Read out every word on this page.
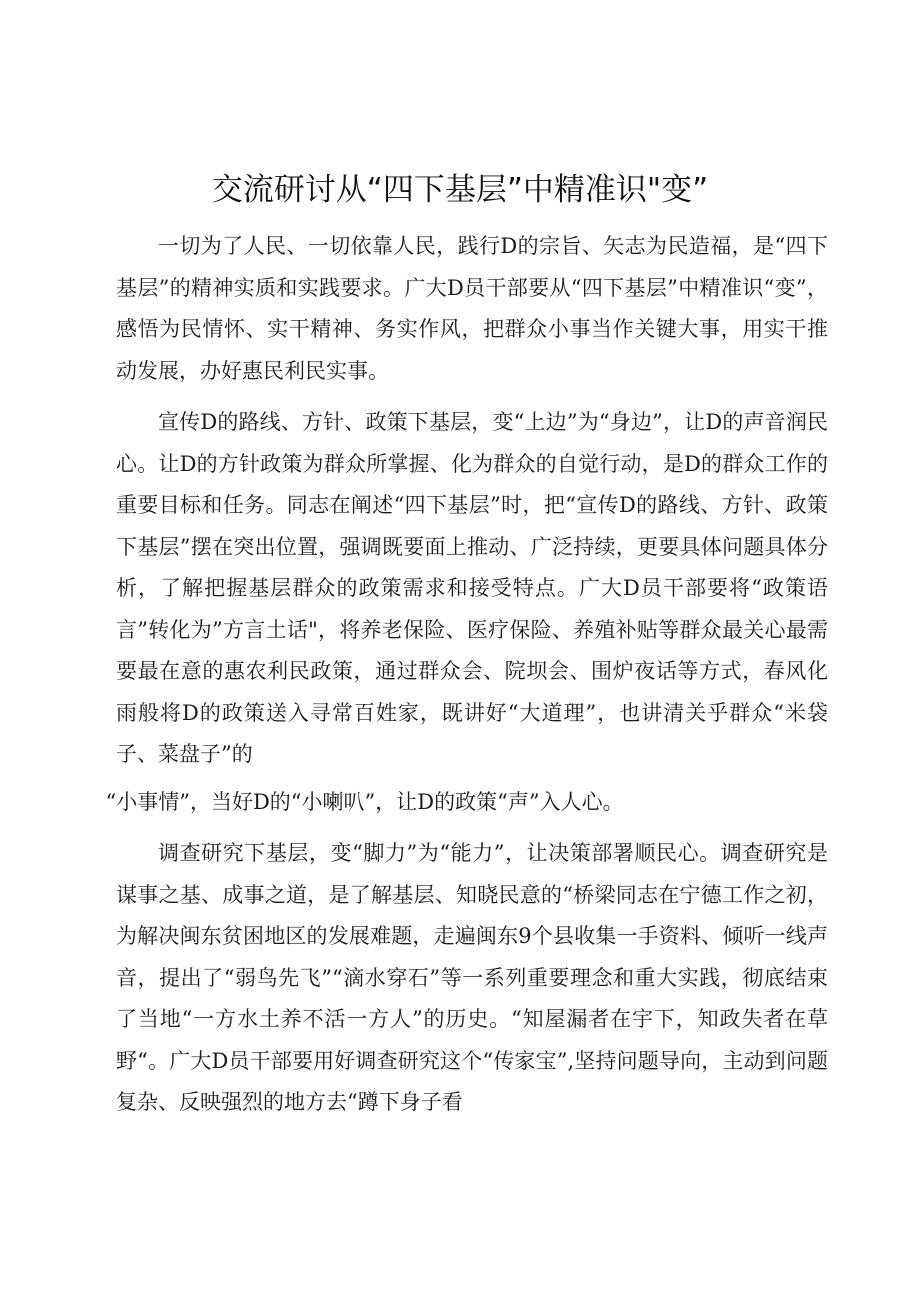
交流研讨从“四下基层”中精准识"变”

一切为了人民、一切依靠人民，践行D的宗旨、矢志为民造福，是“四下基层”的精神实质和实践要求。广大D员干部要从“四下基层”中精准识“变”，感悟为民情怀、实干精神、务实作风，把群众小事当作关键大事，用实干推动发展，办好惠民利民实事。

宣传D的路线、方针、政策下基层，变“上边”为“身边”，让D的声音润民心。让D的方针政策为群众所掌握、化为群众的自觉行动，是D的群众工作的重要目标和任务。同志在阐述“四下基层”时，把“宣传D的路线、方针、政策下基层”摆在突出位置，强调既要面上推动、广泛持续，更要具体问题具体分析，了解把握基层群众的政策需求和接受特点。广大D员干部要将“政策语言”转化为”方言土话"，将养老保险、医疗保险、养殖补贴等群众最关心最需要最在意的惠农利民政策，通过群众会、院坝会、围炉夜话等方式，春风化雨般将D的政策送入寻常百姓家，既讲好“大道理”，也讲清关乎群众“米袋子、菜盘子”的

“小事情”，当好D的“小喇叭”，让D的政策“声”入人心。

调查研究下基层，变“脚力”为“能力”，让决策部署顺民心。调查研究是谋事之基、成事之道，是了解基层、知晓民意的“桥梁同志在宁德工作之初，为解决闽东贫困地区的发展难题，走遍闽东9个县收集一手资料、倾听一线声音，提出了“弱鸟先飞”“滴水穿石”等一系列重要理念和重大实践，彻底结束了当地“一方水土养不活一方人”的历史。“知屋漏者在宇下，知政失者在草野“。广大D员干部要用好调查研究这个“传家宝”,坚持问题导向，主动到问题复杂、反映强烈的地方去“蹲下身子看
